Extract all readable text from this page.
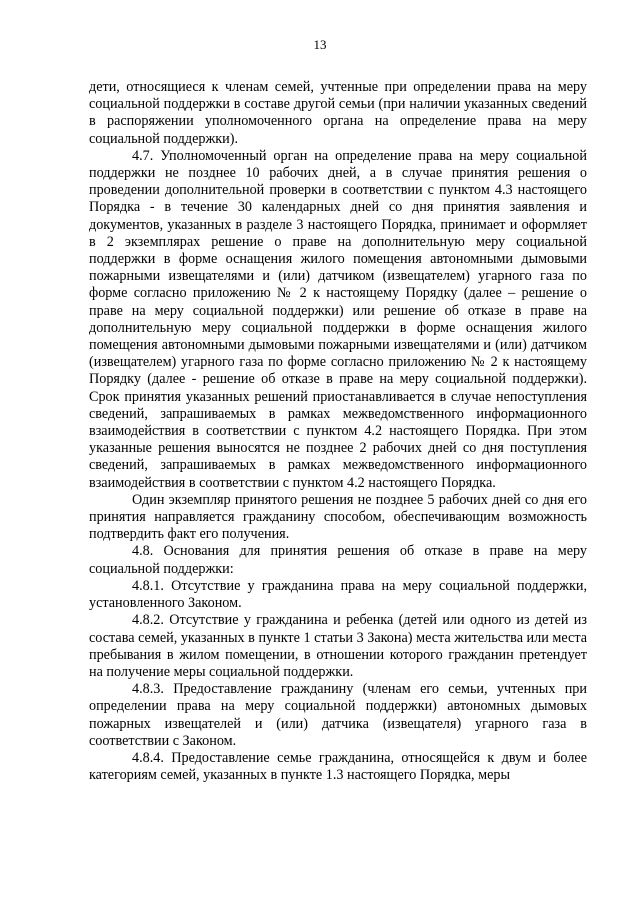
13

дети, относящиеся к членам семей, учтенные при определении права на меру социальной поддержки в составе другой семьи (при наличии указанных сведений в распоряжении уполномоченного органа на определение права на меру социальной поддержки).

4.7. Уполномоченный орган на определение права на меру социальной поддержки не позднее 10 рабочих дней, а в случае принятия решения о проведении дополнительной проверки в соответствии с пунктом 4.3 настоящего Порядка - в течение 30 календарных дней со дня принятия заявления и документов, указанных в разделе 3 настоящего Порядка, принимает и оформляет в 2 экземплярах решение о праве на дополнительную меру социальной поддержки в форме оснащения жилого помещения автономными дымовыми пожарными извещателями и (или) датчиком (извещателем) угарного газа по форме согласно приложению № 2 к настоящему Порядку (далее – решение о праве на меру социальной поддержки) или решение об отказе в праве на дополнительную меру социальной поддержки в форме оснащения жилого помещения автономными дымовыми пожарными извещателями и (или) датчиком (извещателем) угарного газа по форме согласно приложению № 2 к настоящему Порядку (далее - решение об отказе в праве на меру социальной поддержки). Срок принятия указанных решений приостанавливается в случае непоступления сведений, запрашиваемых в рамках межведомственного информационного взаимодействия в соответствии с пунктом 4.2 настоящего Порядка. При этом указанные решения выносятся не позднее 2 рабочих дней со дня поступления сведений, запрашиваемых в рамках межведомственного информационного взаимодействия в соответствии с пунктом 4.2 настоящего Порядка.

Один экземпляр принятого решения не позднее 5 рабочих дней со дня его принятия направляется гражданину способом, обеспечивающим возможность подтвердить факт его получения.

4.8. Основания для принятия решения об отказе в праве на меру социальной поддержки:

4.8.1. Отсутствие у гражданина права на меру социальной поддержки, установленного Законом.

4.8.2. Отсутствие у гражданина и ребенка (детей или одного из детей из состава семей, указанных в пункте 1 статьи 3 Закона) места жительства или места пребывания в жилом помещении, в отношении которого гражданин претендует на получение меры социальной поддержки.

4.8.3. Предоставление гражданину (членам его семьи, учтенных при определении права на меру социальной поддержки) автономных дымовых пожарных извещателей и (или) датчика (извещателя) угарного газа в соответствии с Законом.

4.8.4. Предоставление семье гражданина, относящейся к двум и более категориям семей, указанных в пункте 1.3 настоящего Порядка, меры
